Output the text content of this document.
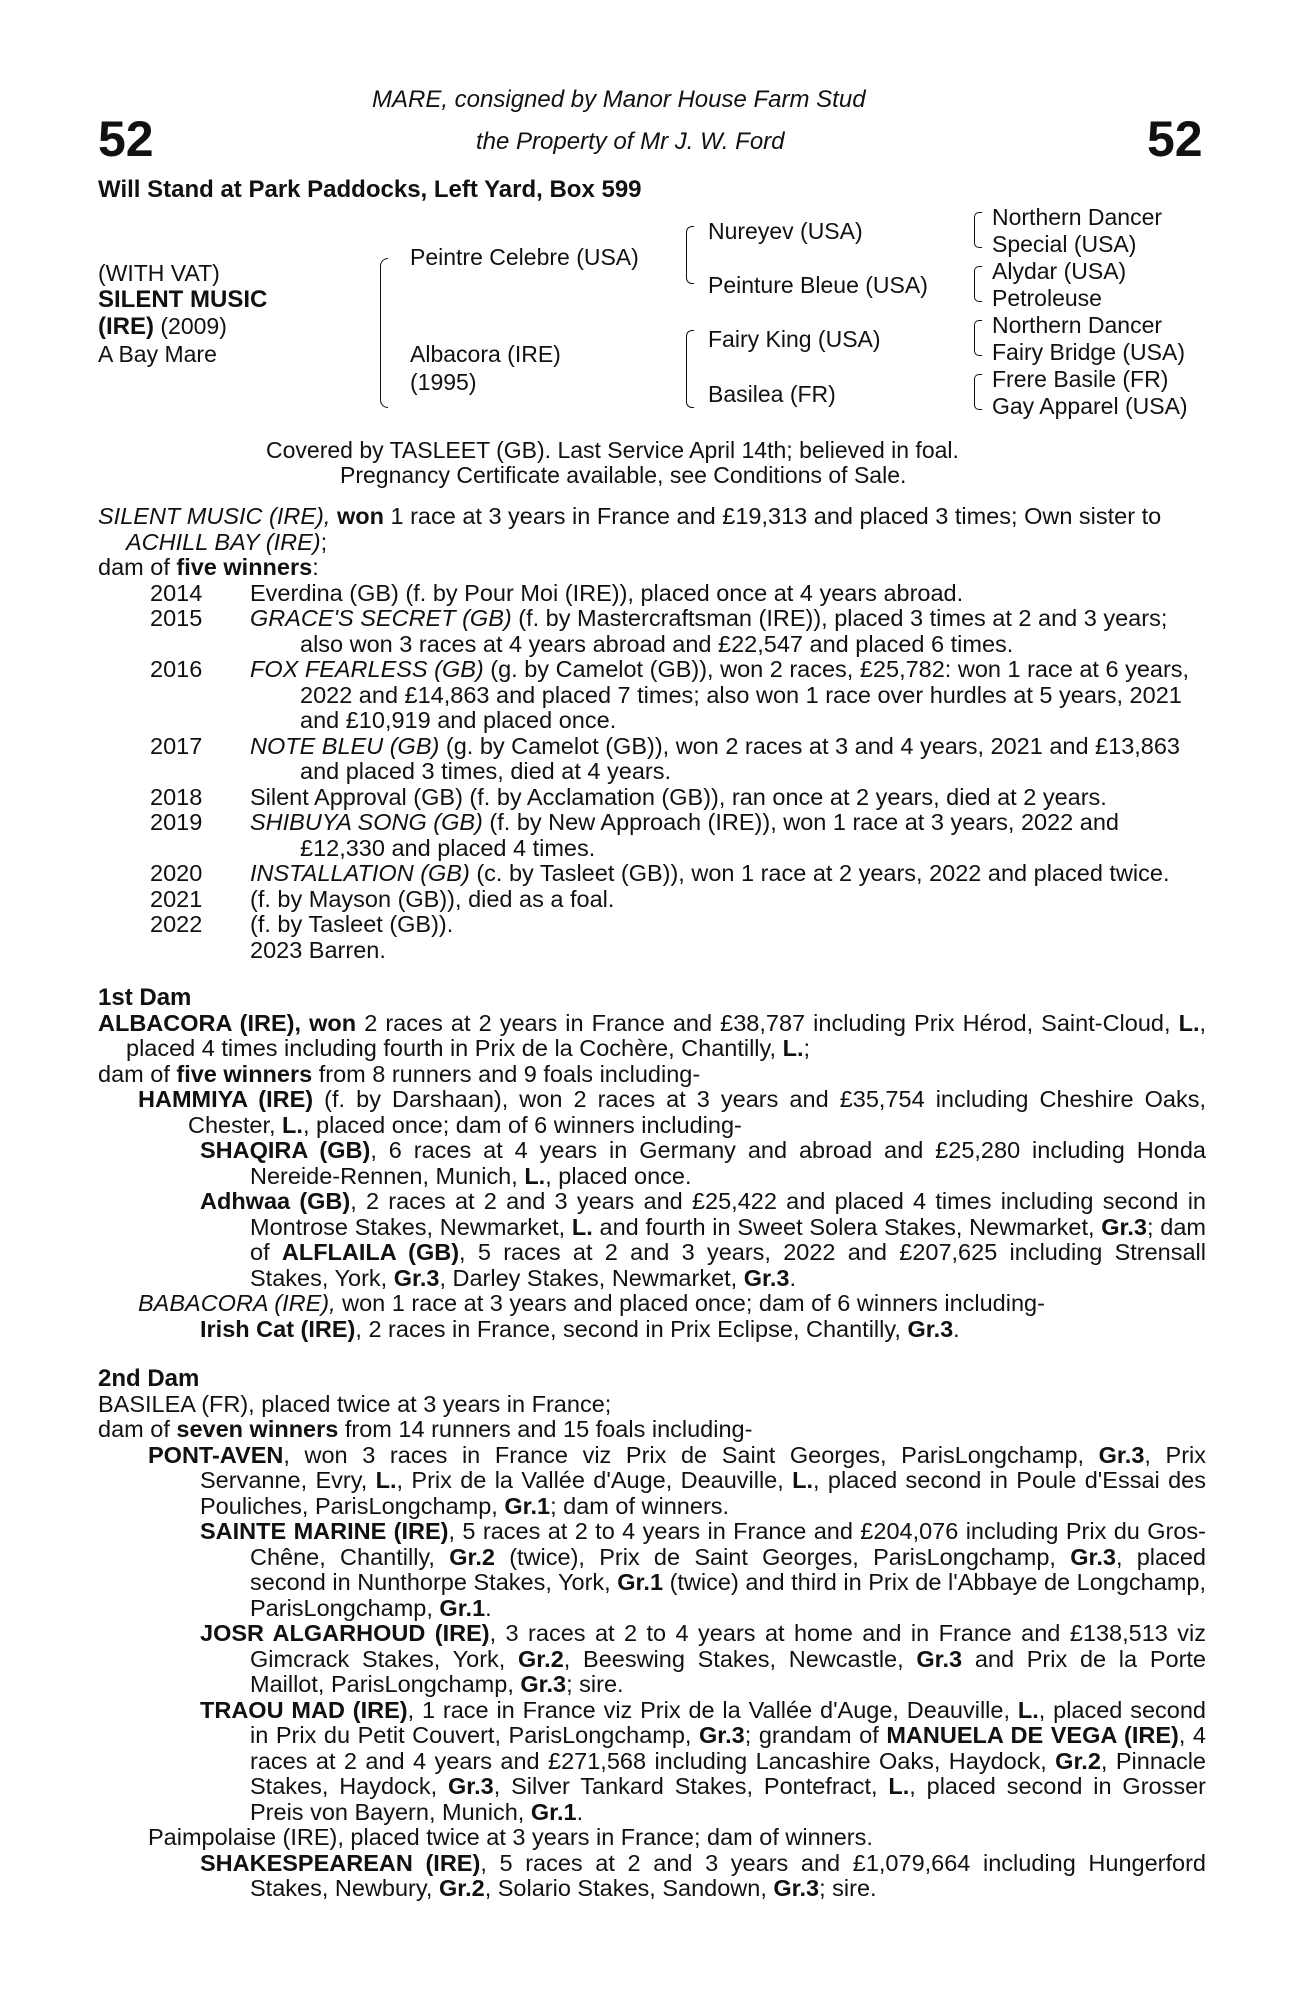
52	52
MARE, consigned by Manor House Farm Stud
the Property of Mr J. W. Ford
Will Stand at Park Paddocks, Left Yard, Box 599
(WITH VAT)
SILENT MUSIC
(IRE) (2009)
A Bay Mare
Peintre Celebre (USA)
Albacora (IRE)
(1995)
Nureyev (USA)
Peinture Bleue (USA)
Fairy King (USA)
Basilea (FR)
Northern Dancer
Special (USA)
Alydar (USA)
Petroleuse
Northern Dancer
Fairy Bridge (USA)
Frere Basile (FR)
Gay Apparel (USA)
Covered by TASLEET (GB). Last Service April 14th; believed in foal.
Pregnancy Certificate available, see Conditions of Sale.

SILENT MUSIC (IRE), won 1 race at 3 years in France and £19,313 and placed 3 times; Own sister to ACHILL BAY (IRE);

dam of five winners:

2014	Everdina (GB) (f. by Pour Moi (IRE)), placed once at 4 years abroad.
2015	GRACE'S SECRET (GB) (f. by Mastercraftsman (IRE)), placed 3 times at 2 and 3 years; also won 3 races at 4 years abroad and £22,547 and placed 6 times.
2016	FOX FEARLESS (GB) (g. by Camelot (GB)), won 2 races, £25,782: won 1 race at 6 years, 2022 and £14,863 and placed 7 times; also won 1 race over hurdles at 5 years, 2021 and £10,919 and placed once.
2017	NOTE BLEU (GB) (g. by Camelot (GB)), won 2 races at 3 and 4 years, 2021 and £13,863 and placed 3 times, died at 4 years.
2018	Silent Approval (GB) (f. by Acclamation (GB)), ran once at 2 years, died at 2 years.
2019	SHIBUYA SONG (GB) (f. by New Approach (IRE)), won 1 race at 3 years, 2022 and £12,330 and placed 4 times.
2020	INSTALLATION (GB) (c. by Tasleet (GB)), won 1 race at 2 years, 2022 and placed twice.
2021	(f. by Mayson (GB)), died as a foal.
2022	(f. by Tasleet (GB)).
2023 Barren.

1st Dam

ALBACORA (IRE), won 2 races at 2 years in France and £38,787 including Prix Hérod, Saint-Cloud, L., placed 4 times including fourth in Prix de la Cochère, Chantilly, L.;

dam of five winners from 8 runners and 9 foals including-

HAMMIYA (IRE) (f. by Darshaan), won 2 races at 3 years and £35,754 including Cheshire Oaks, Chester, L., placed once; dam of 6 winners including-

SHAQIRA (GB), 6 races at 4 years in Germany and abroad and £25,280 including Honda Nereide-Rennen, Munich, L., placed once.

Adhwaa (GB), 2 races at 2 and 3 years and £25,422 and placed 4 times including second in Montrose Stakes, Newmarket, L. and fourth in Sweet Solera Stakes, Newmarket, Gr.3; dam of ALFLAILA (GB), 5 races at 2 and 3 years, 2022 and £207,625 including Strensall Stakes, York, Gr.3, Darley Stakes, Newmarket, Gr.3.

BABACORA (IRE), won 1 race at 3 years and placed once; dam of 6 winners including-

Irish Cat (IRE), 2 races in France, second in Prix Eclipse, Chantilly, Gr.3.

2nd Dam

BASILEA (FR), placed twice at 3 years in France;

dam of seven winners from 14 runners and 15 foals including-

PONT-AVEN, won 3 races in France viz Prix de Saint Georges, ParisLongchamp, Gr.3, Prix Servanne, Evry, L., Prix de la Vallée d'Auge, Deauville, L., placed second in Poule d'Essai des Pouliches, ParisLongchamp, Gr.1; dam of winners.

SAINTE MARINE (IRE), 5 races at 2 to 4 years in France and £204,076 including Prix du Gros-Chêne, Chantilly, Gr.2 (twice), Prix de Saint Georges, ParisLongchamp, Gr.3, placed second in Nunthorpe Stakes, York, Gr.1 (twice) and third in Prix de l'Abbaye de Longchamp, ParisLongchamp, Gr.1.

JOSR ALGARHOUD (IRE), 3 races at 2 to 4 years at home and in France and £138,513 viz Gimcrack Stakes, York, Gr.2, Beeswing Stakes, Newcastle, Gr.3 and Prix de la Porte Maillot, ParisLongchamp, Gr.3; sire.

TRAOU MAD (IRE), 1 race in France viz Prix de la Vallée d'Auge, Deauville, L., placed second in Prix du Petit Couvert, ParisLongchamp, Gr.3; grandam of MANUELA DE VEGA (IRE), 4 races at 2 and 4 years and £271,568 including Lancashire Oaks, Haydock, Gr.2, Pinnacle Stakes, Haydock, Gr.3, Silver Tankard Stakes, Pontefract, L., placed second in Grosser Preis von Bayern, Munich, Gr.1.

Paimpolaise (IRE), placed twice at 3 years in France; dam of winners.

SHAKESPEAREAN (IRE), 5 races at 2 and 3 years and £1,079,664 including Hungerford Stakes, Newbury, Gr.2, Solario Stakes, Sandown, Gr.3; sire.
